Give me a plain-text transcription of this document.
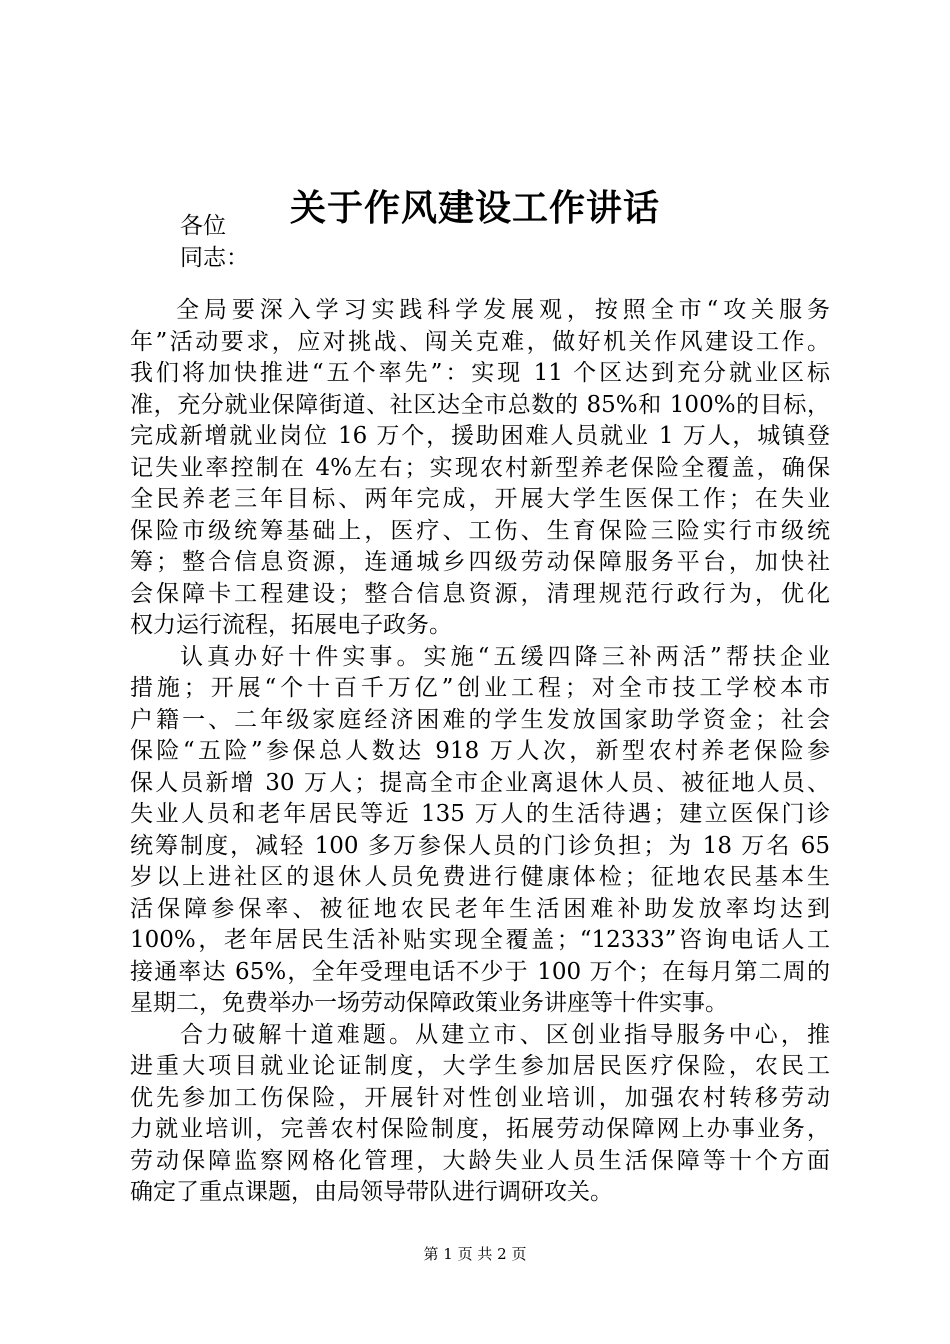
关于作风建设工作讲话
各位
同志：
全局要深入学习实践科学发展观，按照全市“攻关服务
年”活动要求，应对挑战、闯关克难，做好机关作风建设工作。
我们将加快推进“五个率先”：实现 11 个区达到充分就业区标
准，充分就业保障街道、社区达全市总数的 85%和 100%的目标，
完成新增就业岗位 16 万个，援助困难人员就业 1 万人，城镇登
记失业率控制在 4%左右；实现农村新型养老保险全覆盖，确保
全民养老三年目标、两年完成，开展大学生医保工作；在失业
保险市级统筹基础上，医疗、工伤、生育保险三险实行市级统
筹；整合信息资源，连通城乡四级劳动保障服务平台，加快社
会保障卡工程建设；整合信息资源，清理规范行政行为，优化
权力运行流程，拓展电子政务。
认真办好十件实事。实施“五缓四降三补两活”帮扶企业
措施；开展“个十百千万亿”创业工程；对全市技工学校本市
户籍一、二年级家庭经济困难的学生发放国家助学资金；社会
保险“五险”参保总人数达 918 万人次，新型农村养老保险参
保人员新增 30 万人；提高全市企业离退休人员、被征地人员、
失业人员和老年居民等近 135 万人的生活待遇；建立医保门诊
统筹制度，减轻 100 多万参保人员的门诊负担；为 18 万名 65
岁以上进社区的退休人员免费进行健康体检；征地农民基本生
活保障参保率、被征地农民老年生活困难补助发放率均达到
100%，老年居民生活补贴实现全覆盖；“12333”咨询电话人工
接通率达 65%，全年受理电话不少于 100 万个；在每月第二周的
星期二，免费举办一场劳动保障政策业务讲座等十件实事。
合力破解十道难题。从建立市、区创业指导服务中心，推
进重大项目就业论证制度，大学生参加居民医疗保险，农民工
优先参加工伤保险，开展针对性创业培训，加强农村转移劳动
力就业培训，完善农村保险制度，拓展劳动保障网上办事业务，
劳动保障监察网格化管理，大龄失业人员生活保障等十个方面
确定了重点课题，由局领导带队进行调研攻关。
第 1 页 共 2 页
